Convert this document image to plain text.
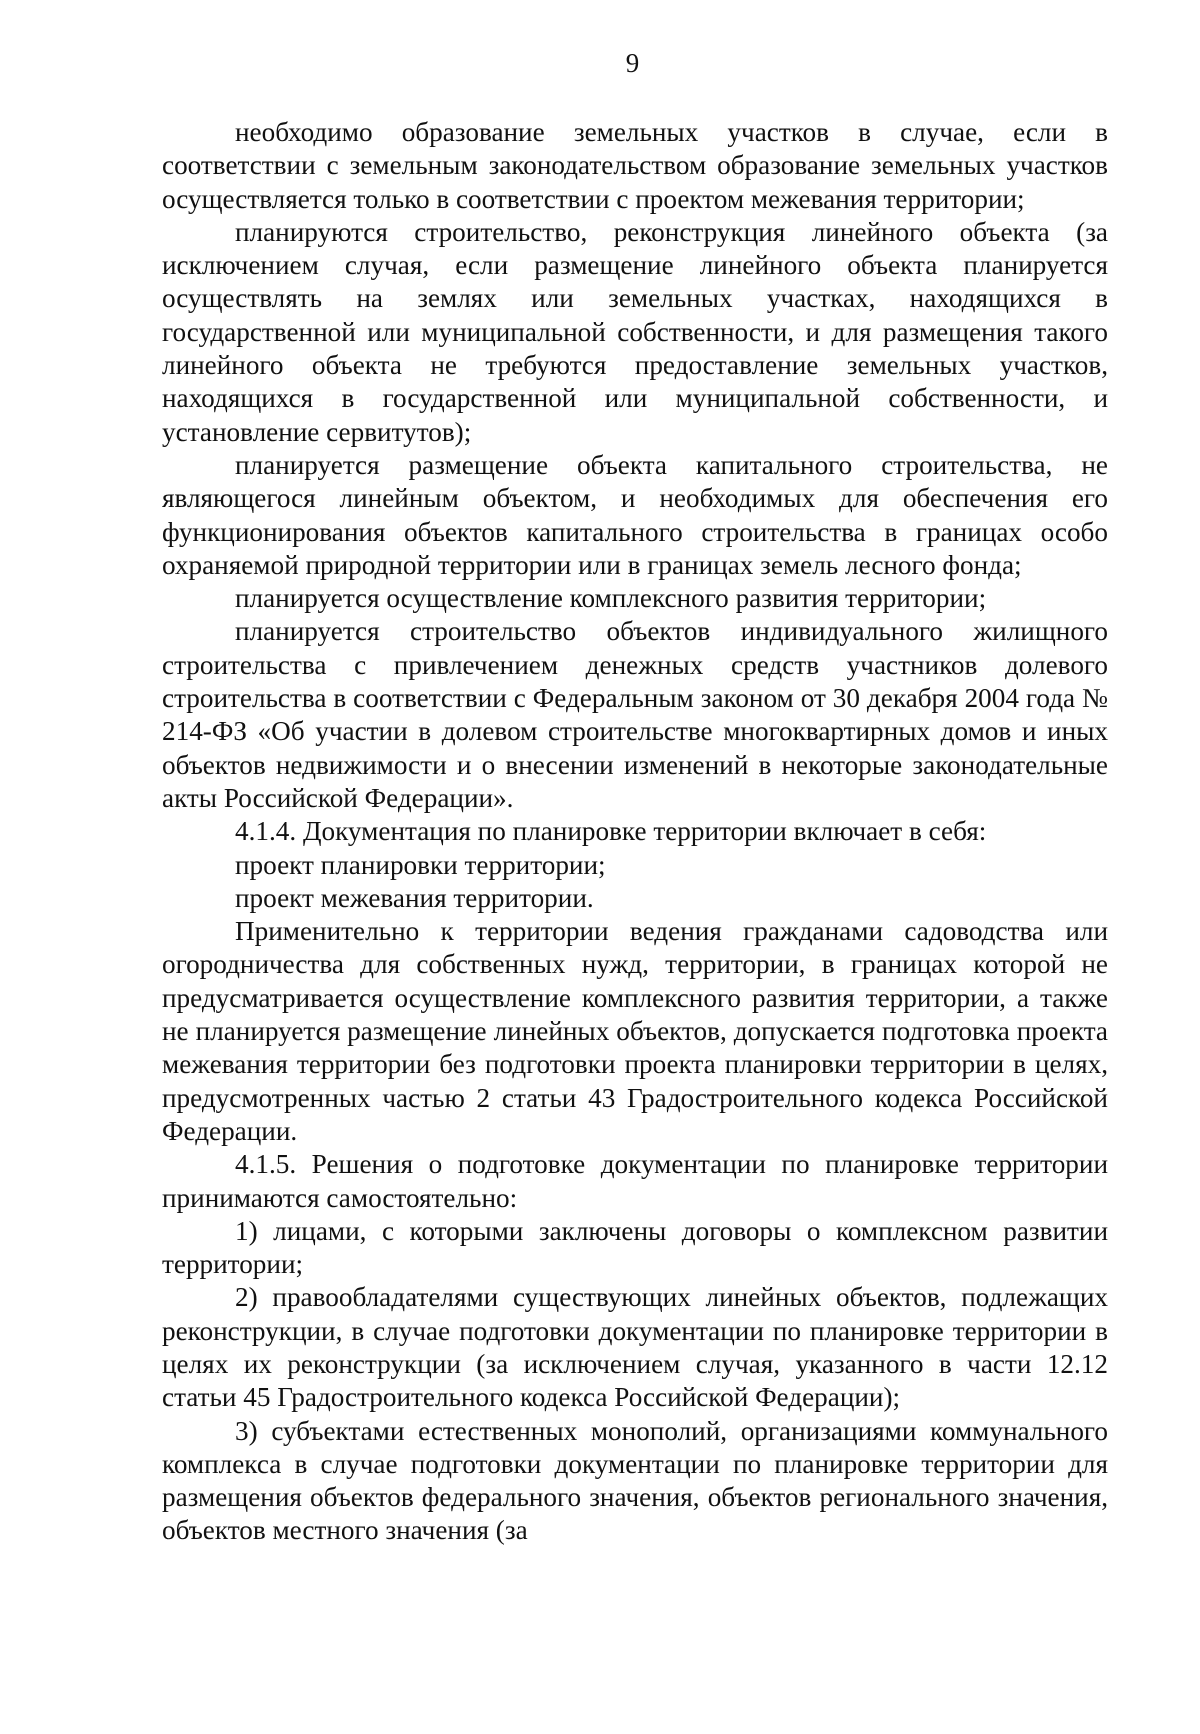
9

необходимо образование земельных участков в случае, если в соответствии с земельным законодательством образование земельных участков осуществляется только в соответствии с проектом межевания территории;

планируются строительство, реконструкция линейного объекта (за исключением случая, если размещение линейного объекта планируется осуществлять на землях или земельных участках, находящихся в государственной или муниципальной собственности, и для размещения такого линейного объекта не требуются предоставление земельных участков, находящихся в государственной или муниципальной собственности, и установление сервитутов);

планируется размещение объекта капитального строительства, не являющегося линейным объектом, и необходимых для обеспечения его функционирования объектов капитального строительства в границах особо охраняемой природной территории или в границах земель лесного фонда;

планируется осуществление комплексного развития территории;

планируется строительство объектов индивидуального жилищного строительства с привлечением денежных средств участников долевого строительства в соответствии с Федеральным законом от 30 декабря 2004 года № 214-ФЗ «Об участии в долевом строительстве многоквартирных домов и иных объектов недвижимости и о внесении изменений в некоторые законодательные акты Российской Федерации».

4.1.4. Документация по планировке территории включает в себя:

проект планировки территории;

проект межевания территории.

Применительно к территории ведения гражданами садоводства или огородничества для собственных нужд, территории, в границах которой не предусматривается осуществление комплексного развития территории, а также не планируется размещение линейных объектов, допускается подготовка проекта межевания территории без подготовки проекта планировки территории в целях, предусмотренных частью 2 статьи 43 Градостроительного кодекса Российской Федерации.

4.1.5. Решения о подготовке документации по планировке территории принимаются самостоятельно:

1) лицами, с которыми заключены договоры о комплексном развитии территории;

2) правообладателями существующих линейных объектов, подлежащих реконструкции, в случае подготовки документации по планировке территории в целях их реконструкции (за исключением случая, указанного в части 12.12 статьи 45 Градостроительного кодекса Российской Федерации);

3) субъектами естественных монополий, организациями коммунального комплекса в случае подготовки документации по планировке территории для размещения объектов федерального значения, объектов регионального значения, объектов местного значения (за
